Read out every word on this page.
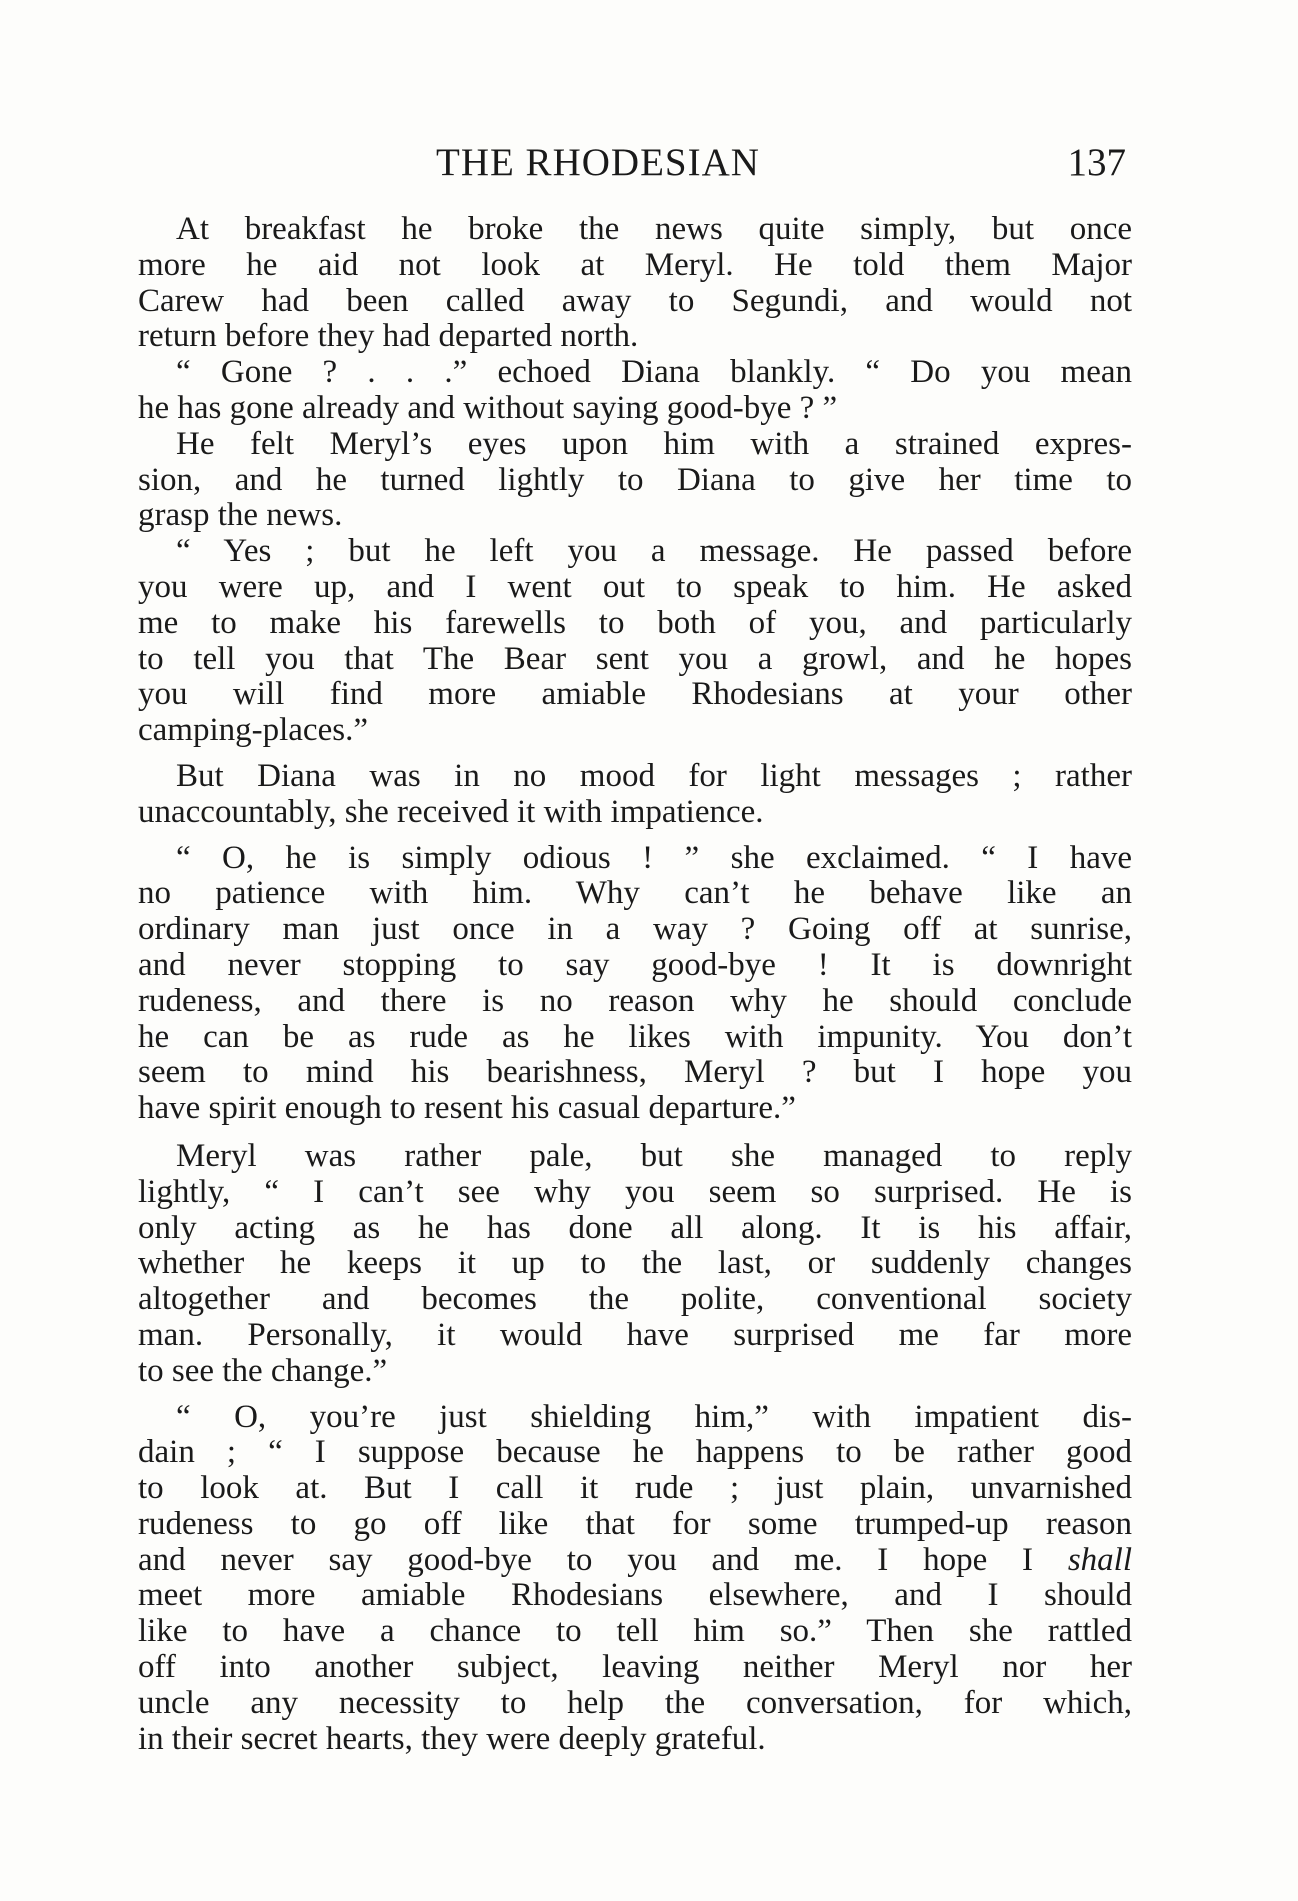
THE RHODESIAN	137

At breakfast he broke the news quite simply, but once
more he aid not look at Meryl. He told them Major
Carew had been called away to Segundi, and would not
return before they had departed north.

“ Gone ? . . .” echoed Diana blankly. “ Do you mean
he has gone already and without saying good-bye ? ”

He felt Meryl’s eyes upon him with a strained expres-
sion, and he turned lightly to Diana to give her time to
grasp the news.

“ Yes ; but he left you a message. He passed before
you were up, and I went out to speak to him. He asked
me to make his farewells to both of you, and particularly
to tell you that The Bear sent you a growl, and he hopes
you will find more amiable Rhodesians at your other
camping-places.”

But Diana was in no mood for light messages ; rather
unaccountably, she received it with impatience.

“ O, he is simply odious ! ” she exclaimed. “ I have
no patience with him. Why can’t he behave like an
ordinary man just once in a way ? Going off at sunrise,
and never stopping to say good-bye ! It is downright
rudeness, and there is no reason why he should conclude
he can be as rude as he likes with impunity. You don’t
seem to mind his bearishness, Meryl ? but I hope you
have spirit enough to resent his casual departure.”

Meryl was rather pale, but she managed to reply
lightly, “ I can’t see why you seem so surprised. He is
only acting as he has done all along. It is his affair,
whether he keeps it up to the last, or suddenly changes
altogether and becomes the polite, conventional society
man. Personally, it would have surprised me far more
to see the change.”

“ O, you’re just shielding him,” with impatient dis-
dain ; “ I suppose because he happens to be rather good
to look at. But I call it rude ; just plain, unvarnished
rudeness to go off like that for some trumped-up reason
and never say good-bye to you and me. I hope I shall
meet more amiable Rhodesians elsewhere, and I should
like to have a chance to tell him so.” Then she rattled
off into another subject, leaving neither Meryl nor her
uncle any necessity to help the conversation, for which,
in their secret hearts, they were deeply grateful.
